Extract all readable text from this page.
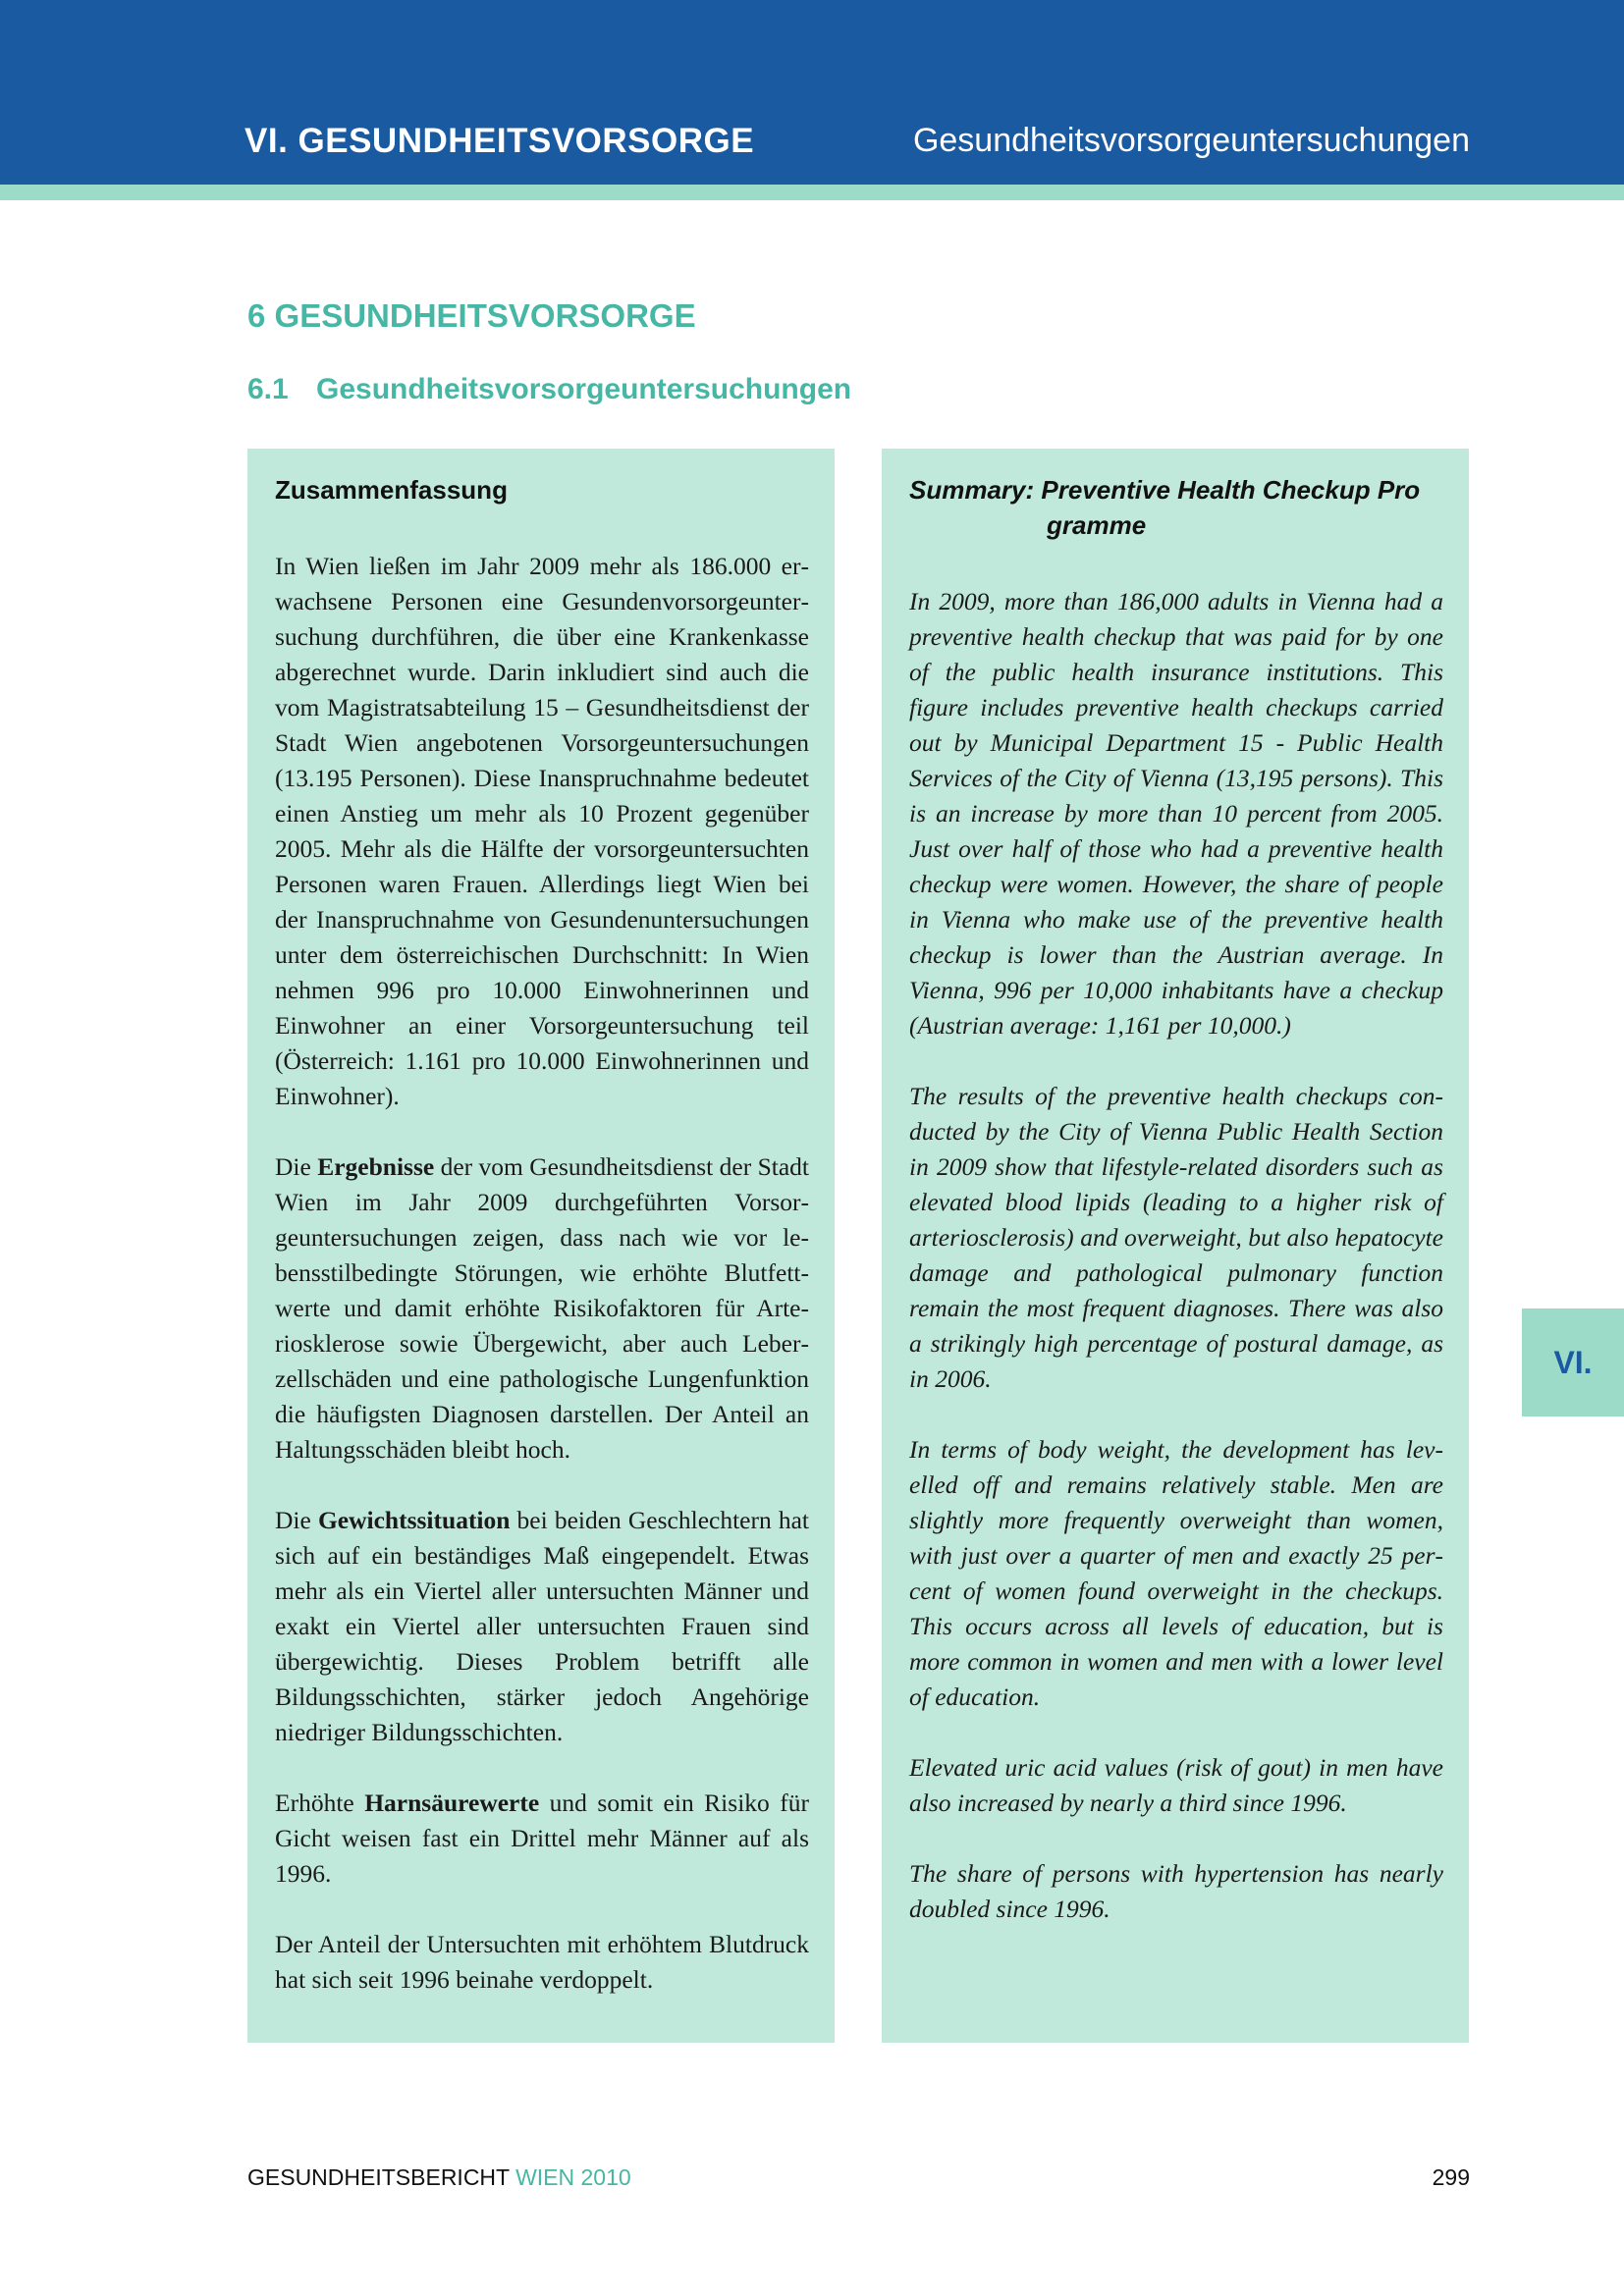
VI. GESUNDHEITSVORSORGE	Gesundheitsvorsorgeuntersuchungen
6 GESUNDHEITSVORSORGE
6.1 Gesundheitsvorsorgeuntersuchungen
Zusammenfassung

In Wien ließen im Jahr 2009 mehr als 186.000 erwachsene Personen eine Gesundenvorsorgeuntersuchung durchführen, die über eine Krankenkasse abgerechnet wurde. Darin inkludiert sind auch die vom Magistratsabteilung 15 – Gesundheitsdienst der Stadt Wien angebotenen Vorsorgeuntersuchungen (13.195 Personen). Diese Inanspruchnahme bedeutet einen Anstieg um mehr als 10 Prozent gegenüber 2005. Mehr als die Hälfte der vorsorgeuntersuchten Personen waren Frauen. Allerdings liegt Wien bei der Inanspruchnahme von Gesundenuntersuchungen unter dem österreichischen Durchschnitt: In Wien nehmen 996 pro 10.000 Einwohnerinnen und Einwohner an einer Vorsorgeuntersuchung teil (Österreich: 1.161 pro 10.000 Einwohnerinnen und Einwohner).

Die Ergebnisse der vom Gesundheitsdienst der Stadt Wien im Jahr 2009 durchgeführten Vorsorgeuntersuchungen zeigen, dass nach wie vor lebensstilbedingte Störungen, wie erhöhte Blutfettwerte und damit erhöhte Risikofaktoren für Arteriosklerose sowie Übergewicht, aber auch Leberzellschäden und eine pathologische Lungenfunktion die häufigsten Diagnosen darstellen. Der Anteil an Haltungsschäden bleibt hoch.

Die Gewichtssituation bei beiden Geschlechtern hat sich auf ein beständiges Maß eingependelt. Etwas mehr als ein Viertel aller untersuchten Männer und exakt ein Viertel aller untersuchten Frauen sind übergewichtig. Dieses Problem betrifft alle Bildungsschichten, stärker jedoch Angehörige niedriger Bildungsschichten.

Erhöhte Harnsäurewerte und somit ein Risiko für Gicht weisen fast ein Drittel mehr Männer auf als 1996.

Der Anteil der Untersuchten mit erhöhtem Blutdruck hat sich seit 1996 beinahe verdoppelt.

Summary: Preventive Health Checkup Pro
gramme

In 2009, more than 186,000 adults in Vienna had a preventive health checkup that was paid for by one of the public health insurance institutions. This figure includes preventive health checkups carried out by Municipal Department 15 - Public Health Services of the City of Vienna (13,195 persons). This is an increase by more than 10 percent from 2005. Just over half of those who had a preventive health checkup were women. However, the share of people in Vienna who make use of the preventive health checkup is lower than the Austrian average. In Vienna, 996 per 10,000 inhabitants have a checkup (Austrian average: 1,161 per 10,000.)

The results of the preventive health checkups conducted by the City of Vienna Public Health Section in 2009 show that lifestyle-related disorders such as elevated blood lipids (leading to a higher risk of arteriosclerosis) and overweight, but also hepatocyte damage and pathological pulmonary function remain the most frequent diagnoses. There was also a strikingly high percentage of postural damage, as in 2006.

In terms of body weight, the development has levelled off and remains relatively stable. Men are slightly more frequently overweight than women, with just over a quarter of men and exactly 25 percent of women found overweight in the checkups. This occurs across all levels of education, but is more common in women and men with a lower level of education.

Elevated uric acid values (risk of gout) in men have also increased by nearly a third since 1996.

The share of persons with hypertension has nearly doubled since 1996.

VI.
GESUNDHEITSBERICHT WIEN 2010	299
